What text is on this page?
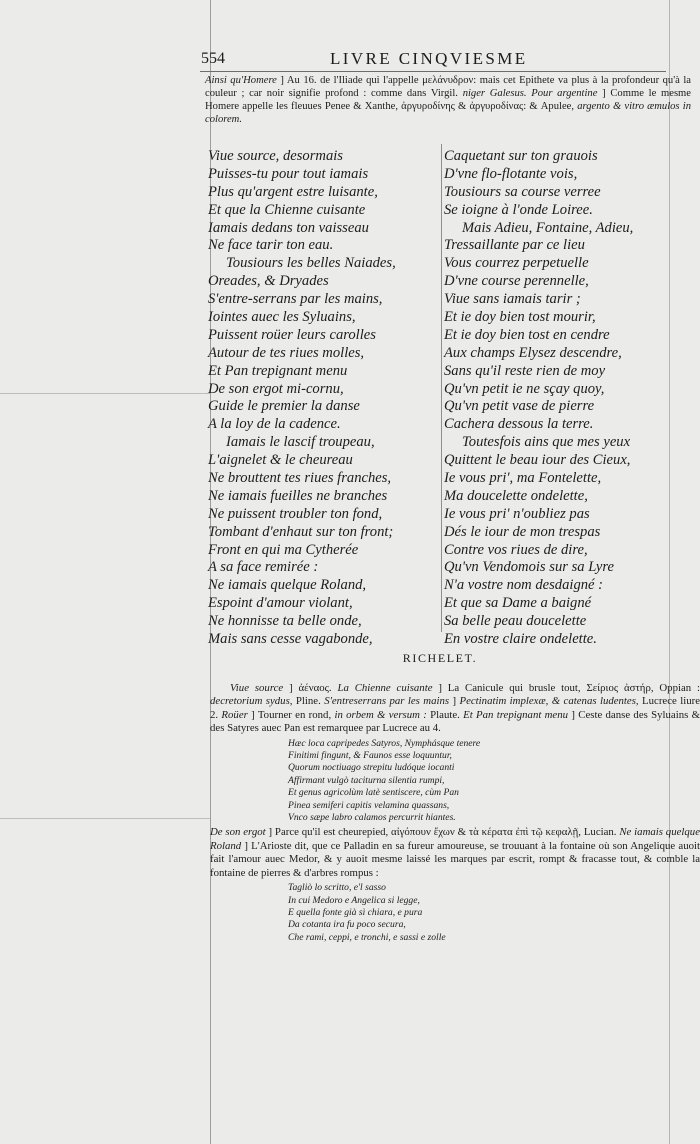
554	LIVRE CINQVIESME
Ainsi qu'Homere ] Au 16. de l'Iliade qui l'appelle μελάνυδρον: mais cet Epithete va plus à la profondeur qu'à la couleur ; car noir signifie profond : comme dans Virgil. niger Galesus. Pour argentine ] Comme le mesme Homere appelle les fleuues Penee & Xanthe, ἀργυροδίνης & ἀργυροδίνας: & Apulee, argento & vitro æmulos in colorem.
Viue source, desormais
Puisses-tu pour tout iamais
Plus qu'argent estre luisante,
Et que la Chienne cuisante
Iamais dedans ton vaisseau
Ne face tarir ton eau.
Tousiours les belles Naiades,
Oreades, & Dryades
S'entre-serrans par les mains,
Iointes auec les Syluains,
Puissent roüer leurs carolles
Autour de tes riues molles,
Et Pan trepignant menu
De son ergot mi-cornu,
Guide le premier la danse
A la loy de la cadence.
Iamais le lascif troupeau,
L'aignelet & le cheureau
Ne brouttent tes riues franches,
Ne iamais fueilles ne branches
Ne puissent troubler ton fond,
Tombant d'enhaut sur ton front;
Front en qui ma Cytherée
A sa face remirée :
Ne iamais quelque Roland,
Espoint d'amour violant,
Ne honnisse ta belle onde,
Mais sans cesse vagabonde,
Caquetant sur ton grauois
D'vne flo-flotante vois,
Tousiours sa course verree
Se ioigne à l'onde Loiree.
Mais Adieu, Fontaine, Adieu,
Tressaillante par ce lieu
Vous courrez perpetuelle
D'vne course perennelle,
Viue sans iamais tarir ;
Et ie doy bien tost mourir,
Et ie doy bien tost en cendre
Aux champs Elysez descendre,
Sans qu'il reste rien de moy
Qu'vn petit ie ne sçay quoy,
Qu'vn petit vase de pierre
Cachera dessous la terre.
Toutesfois ains que mes yeux
Quittent le beau iour des Cieux,
Ie vous pri', ma Fontelette,
Ma doucelette ondelette,
Ie vous pri' n'oubliez pas
Dés le iour de mon trespas
Contre vos riues de dire,
Qu'vn Vendomois sur sa Lyre
N'a vostre nom desdaigné :
Et que sa Dame a baigné
Sa belle peau doucelette
En vostre claire ondelette.
RICHELET.

Viue source ] ἀέναος. La Chienne cuisante ] La Canicule qui brusle tout, Σείριος ἀστήρ, Oppian : decretorium sydus, Pline. S'entreserrans par les mains ] Pectinatim implexæ, & catenas ludentes, Lucrece liure 2. Roüer ] Tourner en rond, in orbem & versum : Plaute. Et Pan trepignant menu ] Ceste danse des Syluains & des Satyres auec Pan est remarquee par Lucrece au 4.

Hæc loca capripedes Satyros, Nymphásque tenere
Finitimi fingunt, & Faunos esse loquuntur,
Quorum noctiuago strepitu ludóque iocanti
Affirmant vulgò taciturna silentia rumpi,
Et genus agricolùm latè sentiscere, cùm Pan
Pinea semiferi capitis velamina quassans,
Vnco sæpe labro calamos percurrit hiantes.

De son ergot ] Parce qu'il est cheurepied, αἰγόπουν ἔχων & τὰ κέρατα ἐπὶ τῷ κεφαλῇ, Lucian. Ne iamais quelque Roland ] L'Arioste dit, que ce Palladin en sa fureur amoureuse, se trouuant à la fontaine où son Angelique auoit fait l'amour auec Medor, & y auoit mesme laissé les marques par escrit, rompt & fracasse tout, & comble la fontaine de pierres & d'arbres rompus :

Tagliò lo scritto, e'l sasso
In cui Medoro e Angelica si legge,
E quella fonte già sì chiara, e pura
Da cotanta ira fu poco secura,
Che rami, ceppi, e tronchi, e sassi e zolle
